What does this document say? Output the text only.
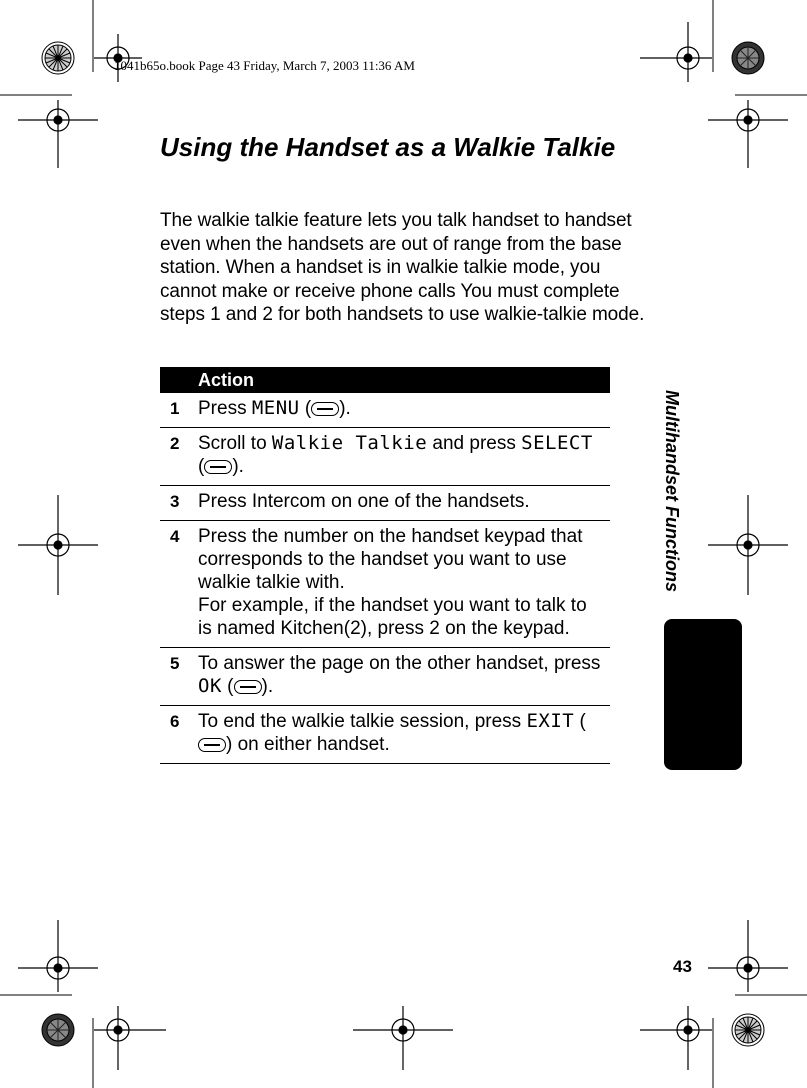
1041b65o.book Page 43 Friday, March 7, 2003 11:36 AM
Using the Handset as a Walkie Talkie

The walkie talkie feature lets you talk handset to handset even when the handsets are out of range from the base station. When a handset is in walkie talkie mode, you cannot make or receive phone calls You must complete steps 1 and 2 for both handsets to use walkie-talkie mode.

	Action
1	Press MENU ( ).
2	Scroll to Walkie Talkie and press SELECT ( ).
3	Press Intercom on one of the handsets.
4	Press the number on the handset keypad that corresponds to the handset you want to use walkie talkie with.
For example, if the handset you want to talk to is named Kitchen(2), press 2 on the keypad.

5	To answer the page on the other handset, press OK ( ).
6	To end the walkie talkie session, press EXIT () on either handset.
Multihandset Functions
43
